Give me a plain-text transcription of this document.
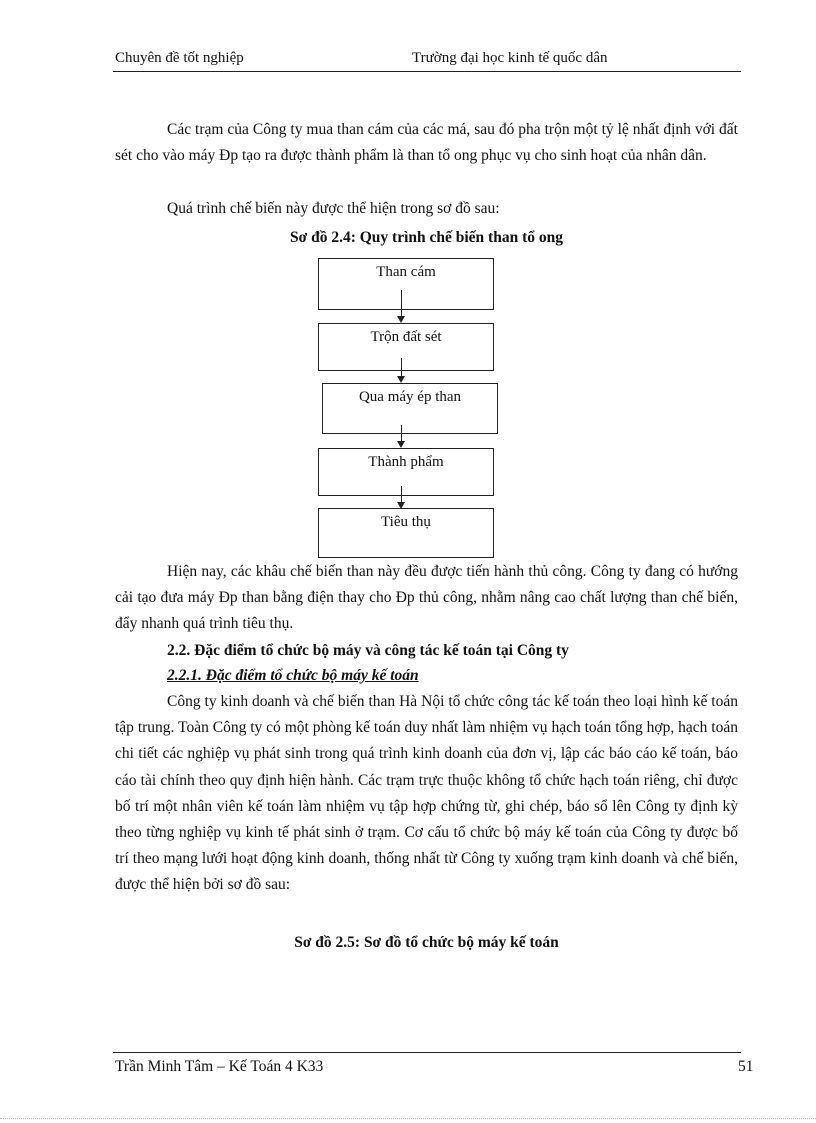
Chuyên đề tốt nghiệp	Trường đại học kinh tế quốc dân

Các trạm của Công ty mua than cám của các má, sau đó pha trộn một tỷ lệ nhất định với đất sét cho vào máy Đp tạo ra được thành phẩm là than tổ ong phục vụ cho sinh hoạt của nhân dân.

Quá trình chế biến này được thể hiện trong sơ đồ sau:

Sơ đồ 2.4: Quy trình chế biến than tổ ong
Than cám
Trộn đất sét
Qua máy ép than
Thành phẩm
Tiêu thụ

Hiện nay, các khâu chế biến than này đều được tiến hành thủ công. Công ty đang có hướng cải tạo đưa máy Đp than bằng điện thay cho Đp thủ công, nhằm nâng cao chất lượng than chế biến, đẩy nhanh quá trình tiêu thụ.

2.2. Đặc điểm tổ chức bộ máy và công tác kế toán tại Công ty
2.2.1. Đặc điểm tổ chức bộ máy kế toán

Công ty kinh doanh và chế biến than Hà Nội tổ chức công tác kế toán theo loại hình kế toán tập trung. Toàn Công ty có một phòng kế toán duy nhất làm nhiệm vụ hạch toán tổng hợp, hạch toán chi tiết các nghiệp vụ phát sinh trong quá trình kinh doanh của đơn vị, lập các báo cáo kế toán, báo cáo tài chính theo quy định hiện hành. Các trạm trực thuộc không tổ chức hạch toán riêng, chỉ được bố trí một nhân viên kế toán làm nhiệm vụ tập hợp chứng từ, ghi chép, báo sổ lên Công ty định kỳ theo từng nghiệp vụ kinh tế phát sinh ở trạm. Cơ cấu tổ chức bộ máy kế toán của Công ty được bố trí theo mạng lưới hoạt động kinh doanh, thống nhất từ Công ty xuống trạm kinh doanh và chế biến, được thể hiện bởi sơ đồ sau:

Sơ đồ 2.5: Sơ đồ tổ chức bộ máy kế toán
Trần Minh Tâm – Kế Toán 4 K33	51
